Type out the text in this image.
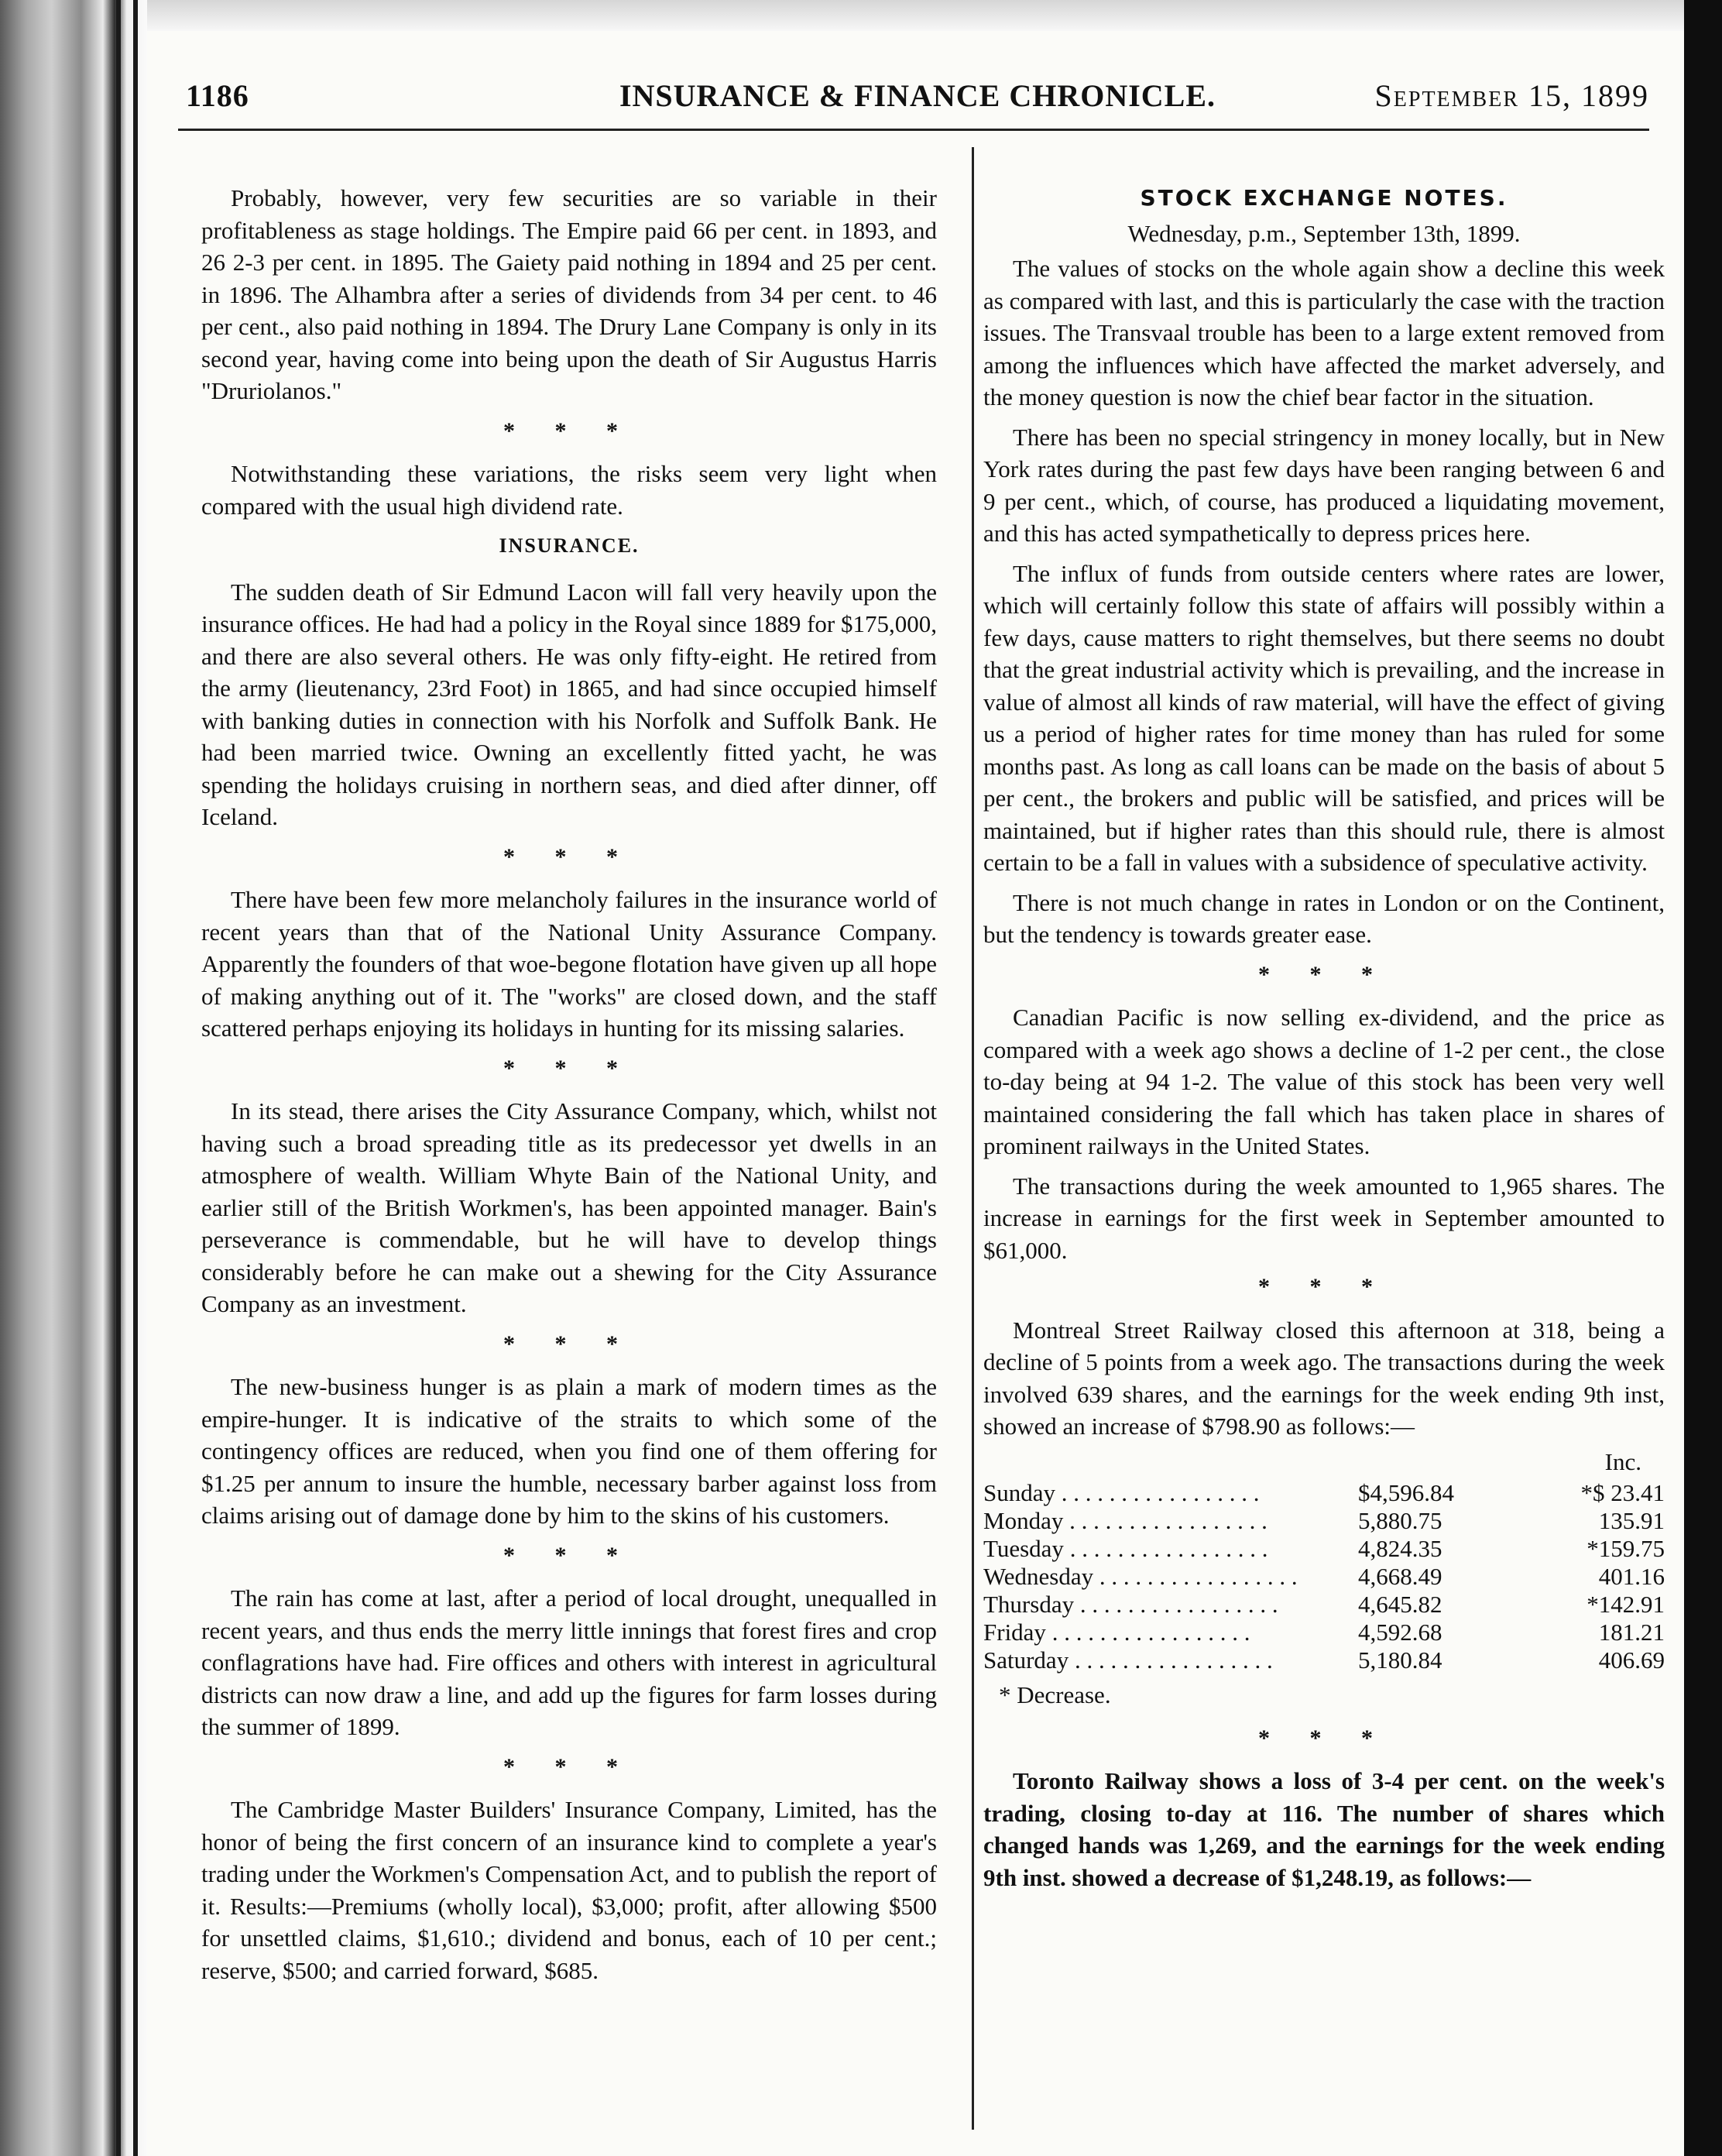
1186	INSURANCE & FINANCE CHRONICLE.	September 15, 1899

Probably, however, very few securities are so variable in their profitableness as stage holdings. The Empire paid 66 per cent. in 1893, and 26 2-3 per cent. in 1895. The Gaiety paid nothing in 1894 and 25 per cent. in 1896. The Alhambra after a series of dividends from 34 per cent. to 46 per cent., also paid nothing in 1894. The Drury Lane Company is only in its second year, having come into being upon the death of Sir Augustus Harris "Druriolanos."

* * *

Notwithstanding these variations, the risks seem very light when compared with the usual high dividend rate.

INSURANCE.

The sudden death of Sir Edmund Lacon will fall very heavily upon the insurance offices. He had had a policy in the Royal since 1889 for $175,000, and there are also several others. He was only fifty-eight. He retired from the army (lieutenancy, 23rd Foot) in 1865, and had since occupied himself with banking duties in connection with his Norfolk and Suffolk Bank. He had been married twice. Owning an excellently fitted yacht, he was spending the holidays cruising in northern seas, and died after dinner, off Iceland.

* * *

There have been few more melancholy failures in the insurance world of recent years than that of the National Unity Assurance Company. Apparently the founders of that woe-begone flotation have given up all hope of making anything out of it. The "works" are closed down, and the staff scattered perhaps enjoying its holidays in hunting for its missing salaries.

* * *

In its stead, there arises the City Assurance Company, which, whilst not having such a broad spreading title as its predecessor yet dwells in an atmosphere of wealth. William Whyte Bain of the National Unity, and earlier still of the British Workmen's, has been appointed manager. Bain's perseverance is commendable, but he will have to develop things considerably before he can make out a shewing for the City Assurance Company as an investment.

* * *

The new-business hunger is as plain a mark of modern times as the empire-hunger. It is indicative of the straits to which some of the contingency offices are reduced, when you find one of them offering for $1.25 per annum to insure the humble, necessary barber against loss from claims arising out of damage done by him to the skins of his customers.

* * *

The rain has come at last, after a period of local drought, unequalled in recent years, and thus ends the merry little innings that forest fires and crop conflagrations have had. Fire offices and others with interest in agricultural districts can now draw a line, and add up the figures for farm losses during the summer of 1899.

* * *

The Cambridge Master Builders' Insurance Company, Limited, has the honor of being the first concern of an insurance kind to complete a year's trading under the Workmen's Compensation Act, and to publish the report of it. Results:—Premiums (wholly local), $3,000; profit, after allowing $500 for unsettled claims, $1,610.; dividend and bonus, each of 10 per cent.; reserve, $500; and carried forward, $685.

STOCK EXCHANGE NOTES.
Wednesday, p.m., September 13th, 1899.

The values of stocks on the whole again show a decline this week as compared with last, and this is particularly the case with the traction issues. The Transvaal trouble has been to a large extent removed from among the influences which have affected the market adversely, and the money question is now the chief bear factor in the situation.

There has been no special stringency in money locally, but in New York rates during the past few days have been ranging between 6 and 9 per cent., which, of course, has produced a liquidating movement, and this has acted sympathetically to depress prices here.

The influx of funds from outside centers where rates are lower, which will certainly follow this state of affairs will possibly within a few days, cause matters to right themselves, but there seems no doubt that the great industrial activity which is prevailing, and the increase in value of almost all kinds of raw material, will have the effect of giving us a period of higher rates for time money than has ruled for some months past. As long as call loans can be made on the basis of about 5 per cent., the brokers and public will be satisfied, and prices will be maintained, but if higher rates than this should rule, there is almost certain to be a fall in values with a subsidence of speculative activity.

There is not much change in rates in London or on the Continent, but the tendency is towards greater ease.

* * *

Canadian Pacific is now selling ex-dividend, and the price as compared with a week ago shows a decline of 1-2 per cent., the close to-day being at 94 1-2. The value of this stock has been very well maintained considering the fall which has taken place in shares of prominent railways in the United States.

The transactions during the week amounted to 1,965 shares. The increase in earnings for the first week in September amounted to $61,000.

* * *

Montreal Street Railway closed this afternoon at 318, being a decline of 5 points from a week ago. The transactions during the week involved 639 shares, and the earnings for the week ending 9th inst, showed an increase of $798.90 as follows:—

Inc.
Sunday . . . . . . . . . . . . . . . . .	$4,596.84	*$ 23.41
Monday . . . . . . . . . . . . . . . . .	5,880.75	135.91
Tuesday . . . . . . . . . . . . . . . . .	4,824.35	*159.75
Wednesday . . . . . . . . . . . . . . . . .	4,668.49	401.16
Thursday . . . . . . . . . . . . . . . . .	4,645.82	*142.91
Friday . . . . . . . . . . . . . . . . .	4,592.68	181.21
Saturday . . . . . . . . . . . . . . . . .	5,180.84	406.69
* Decrease.
* * *

Toronto Railway shows a loss of 3-4 per cent. on the week's trading, closing to-day at 116. The number of shares which changed hands was 1,269, and the earnings for the week ending 9th inst. showed a decrease of $1,248.19, as follows:—
